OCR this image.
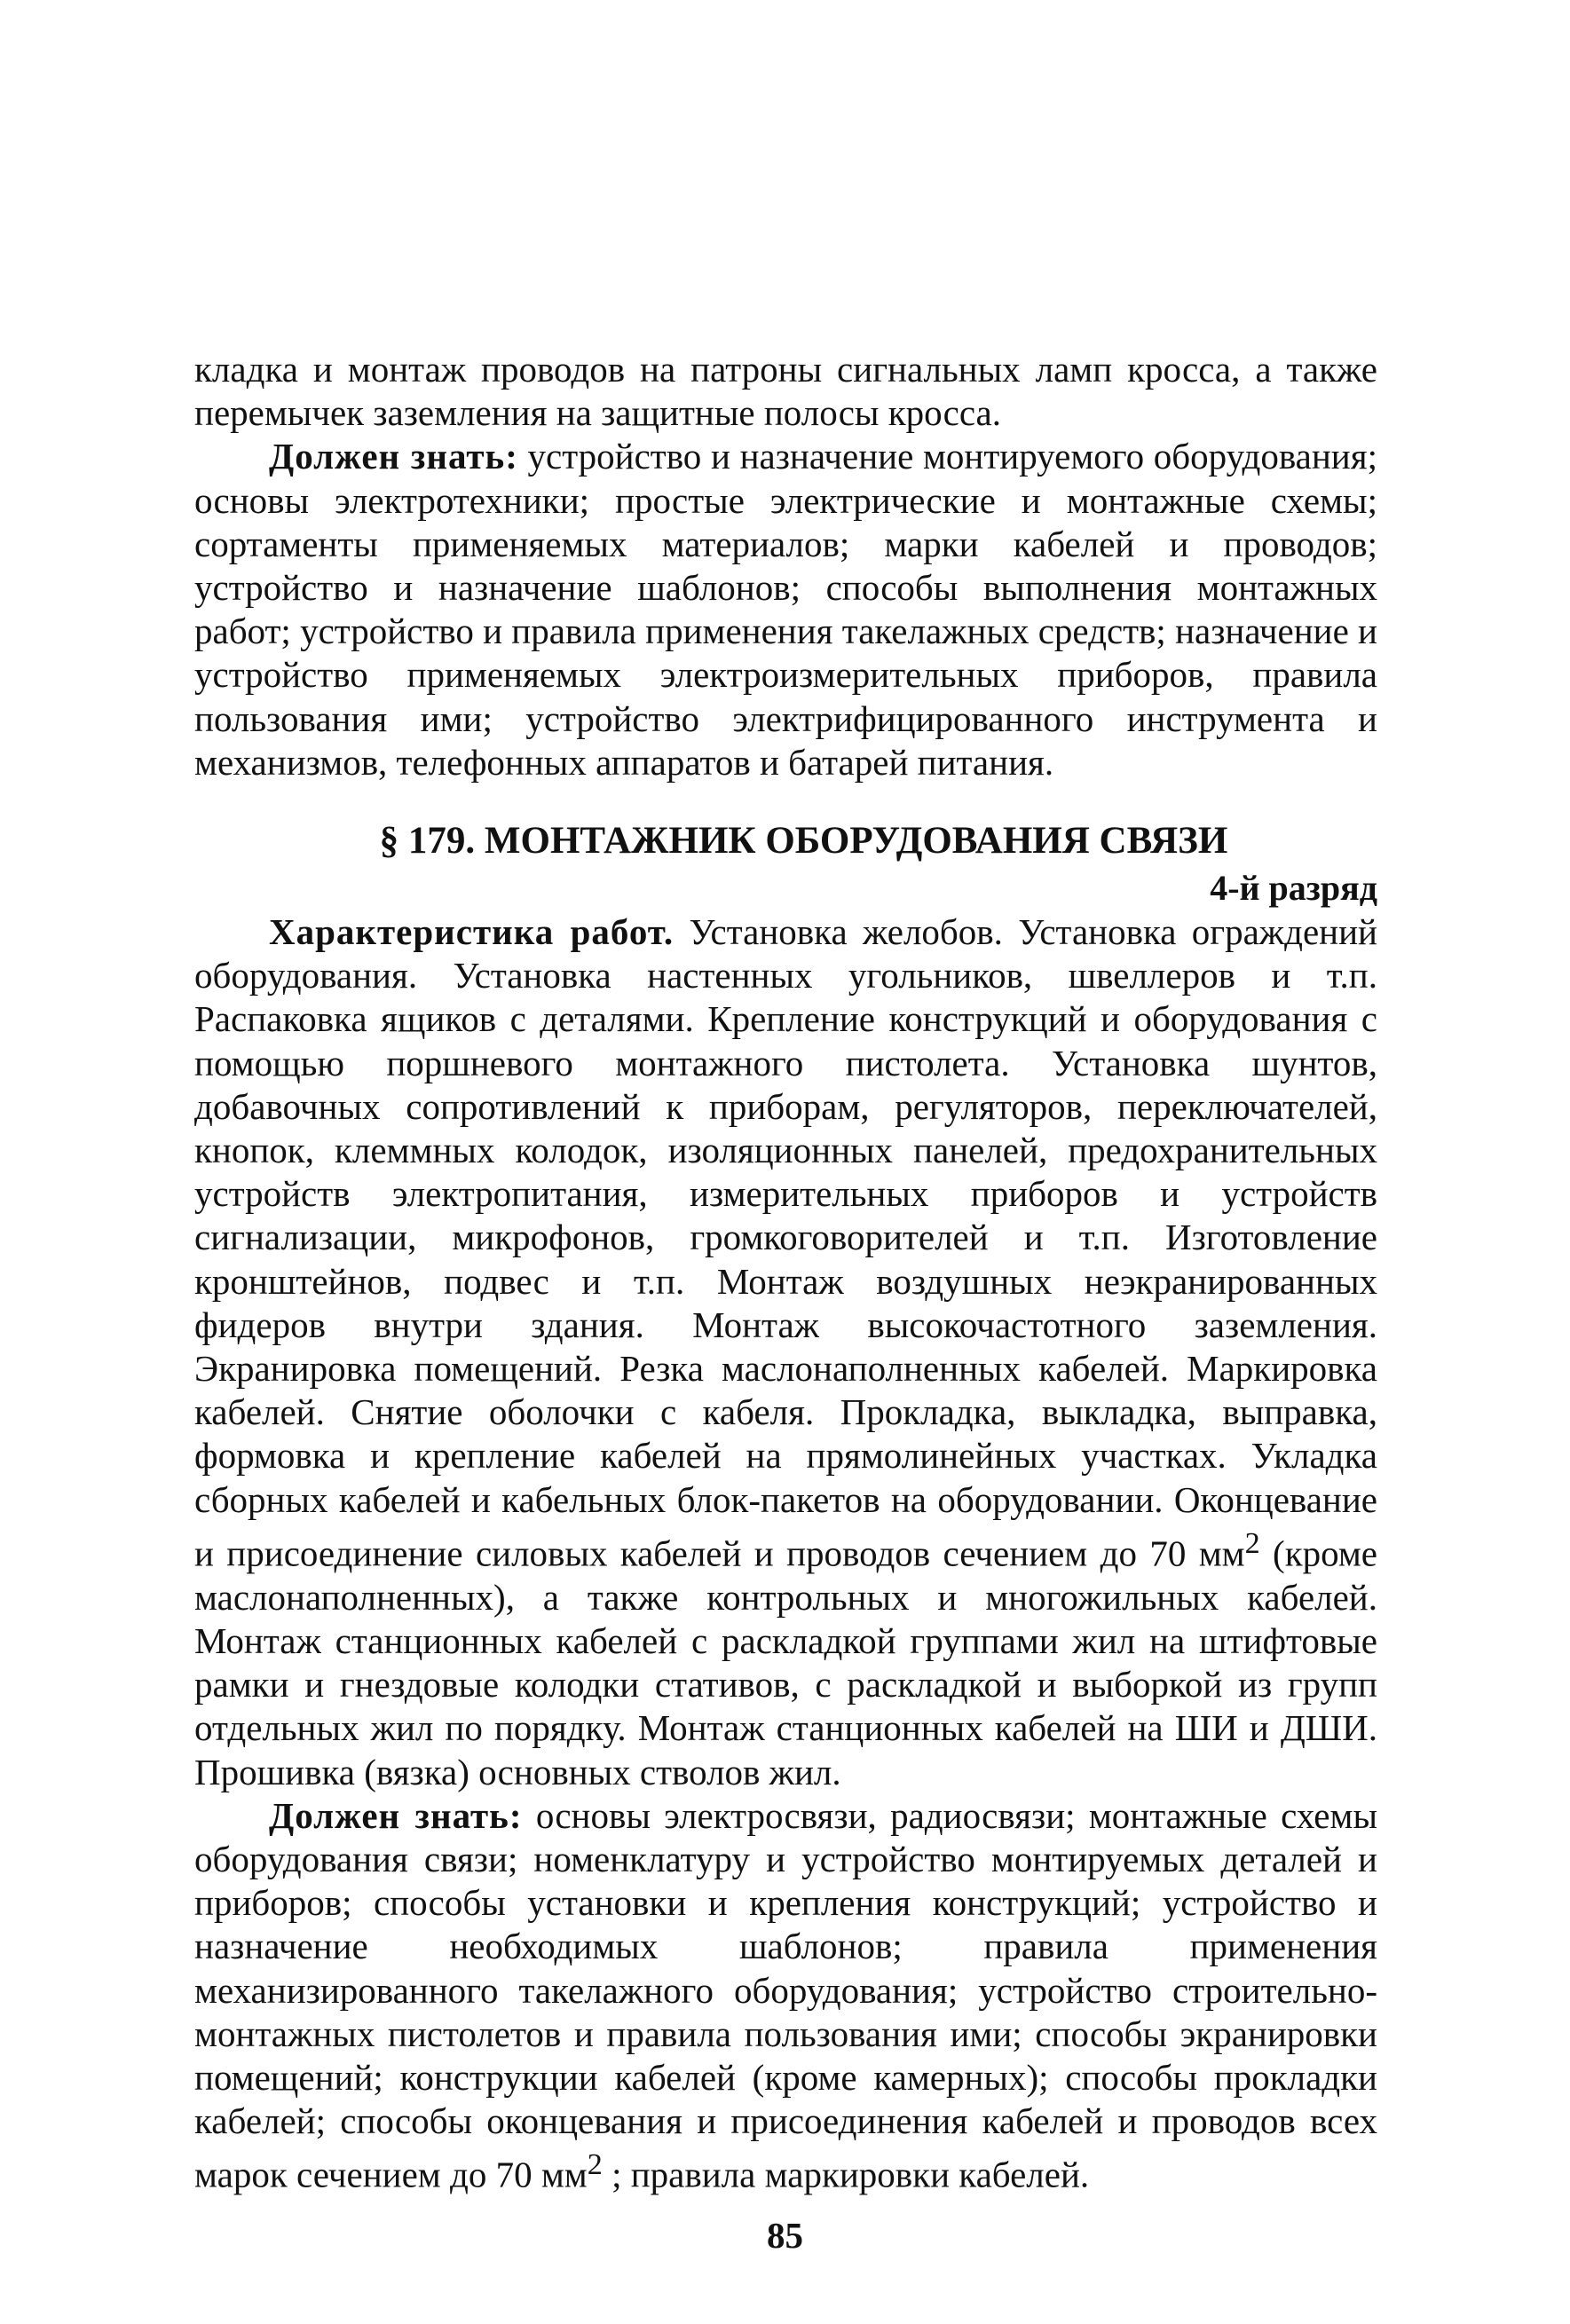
кладка и монтаж проводов на патроны сигнальных ламп кросса, а также перемычек заземления на защитные полосы кросса.

Должен знать: устройство и назначение монтируемого оборудования; основы электротехники; простые электрические и монтажные схемы; сортаменты применяемых материалов; марки кабелей и проводов; устройство и назначение шаблонов; способы выполнения монтажных работ; устройство и правила применения такелажных средств; назначение и устройство применяемых электроизмерительных приборов, правила пользования ими; устройство электрифицированного инструмента и механизмов, телефонных аппаратов и батарей питания.

§ 179. МОНТАЖНИК ОБОРУДОВАНИЯ СВЯЗИ
4-й разряд

Характеристика работ. Установка желобов. Установка ограждений оборудования. Установка настенных угольников, швеллеров и т.п. Распаковка ящиков с деталями. Крепление конструкций и оборудования с помощью поршневого монтажного пистолета. Установка шунтов, добавочных сопротивлений к приборам, регуляторов, переключателей, кнопок, клеммных колодок, изоляционных панелей, предохранительных устройств электропитания, измерительных приборов и устройств сигнализации, микрофонов, громкоговорителей и т.п. Изготовление кронштейнов, подвес и т.п. Монтаж воздушных неэкранированных фидеров внутри здания. Монтаж высокочастотного заземления. Экранировка помещений. Резка маслонаполненных кабелей. Маркировка кабелей. Снятие оболочки с кабеля. Прокладка, выкладка, выправка, формовка и крепление кабелей на прямолинейных участках. Укладка сборных кабелей и кабельных блок-пакетов на оборудовании. Оконцевание и присоединение силовых кабелей и проводов сечением до 70 $мм^2$ (кроме маслонаполненных), а также контрольных и многожильных кабелей. Монтаж станционных кабелей с раскладкой группами жил на штифтовые рамки и гнездовые колодки стативов, с раскладкой и выборкой из групп отдельных жил по порядку. Монтаж станционных кабелей на ШИ и ДШИ. Прошивка (вязка) основных стволов жил.

Должен знать: основы электросвязи, радиосвязи; монтажные схемы оборудования связи; номенклатуру и устройство монтируемых деталей и приборов; способы установки и крепления конструкций; устройство и назначение необходимых шаблонов; правила применения механизированного такелажного оборудования; устройство строительно-монтажных пистолетов и правила пользования ими; способы экранировки помещений; конструкции кабелей (кроме камерных); способы прокладки кабелей; способы оконцевания и присоединения кабелей и проводов всех марок сечением до 70 $мм^2$ ; правила маркировки кабелей.

85
